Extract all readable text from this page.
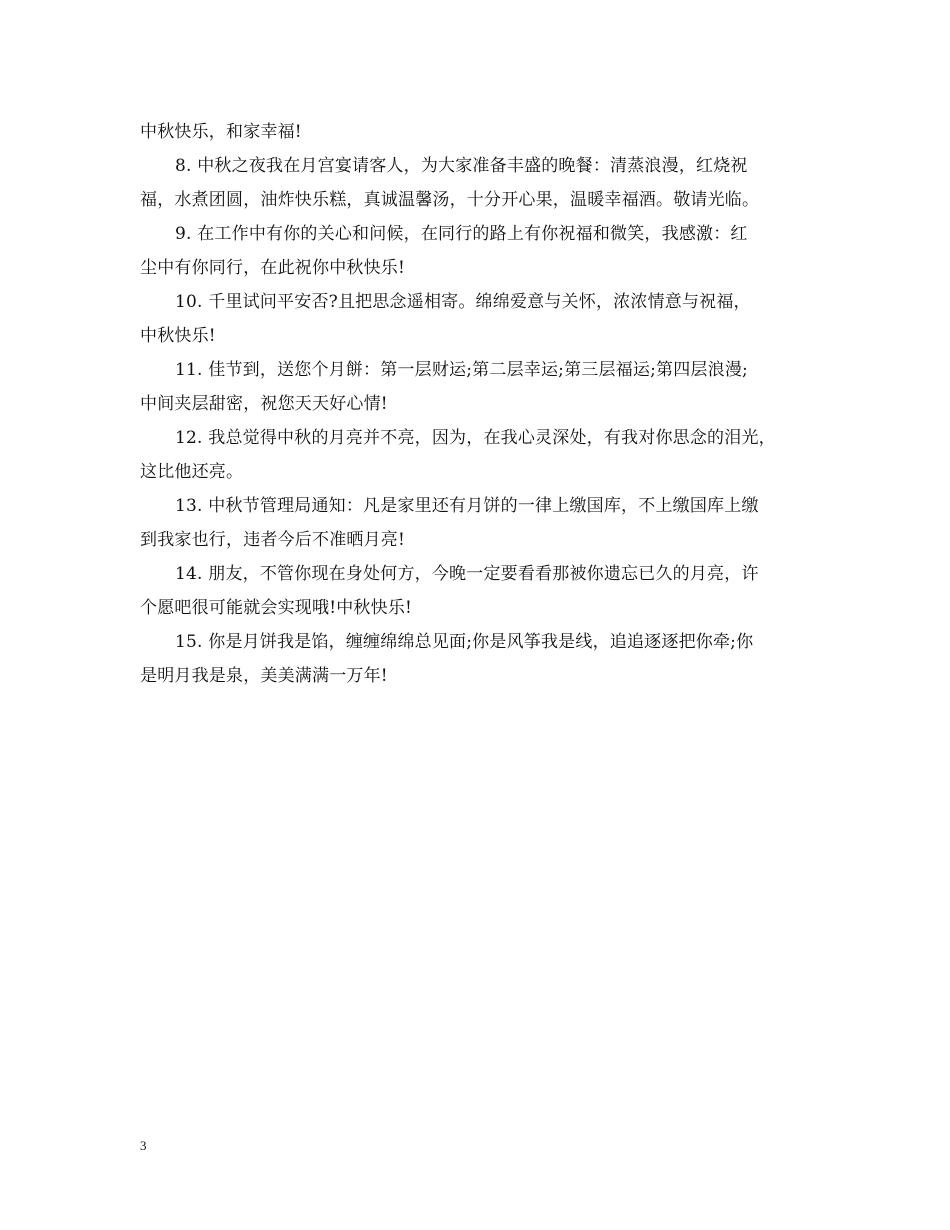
中秋快乐，和家幸福!
8. 中秋之夜我在月宫宴请客人，为大家准备丰盛的晚餐：清蒸浪漫，红烧祝
福，水煮团圆，油炸快乐糕，真诚温馨汤，十分开心果，温暖幸福酒。敬请光临。
9. 在工作中有你的关心和问候，在同行的路上有你祝福和微笑，我感激：红
尘中有你同行，在此祝你中秋快乐!
10. 千里试问平安否?且把思念遥相寄。绵绵爱意与关怀，浓浓情意与祝福，
中秋快乐!
11. 佳节到，送您个月餅：第一层财运;第二层幸运;第三层福运;第四层浪漫;
中间夹层甜密，祝您天天好心情!
12. 我总觉得中秋的月亮并不亮，因为，在我心灵深处，有我对你思念的泪光，
这比他还亮。
13. 中秋节管理局通知：凡是家里还有月饼的一律上缴国库，不上缴国库上缴
到我家也行，违者今后不准晒月亮!
14. 朋友，不管你现在身处何方，今晚一定要看看那被你遗忘已久的月亮，许
个愿吧很可能就会实现哦!中秋快乐!
15. 你是月饼我是馅，缠缠绵绵总见面;你是风筝我是线，追追逐逐把你牵;你
是明月我是泉，美美满满一万年!
3
